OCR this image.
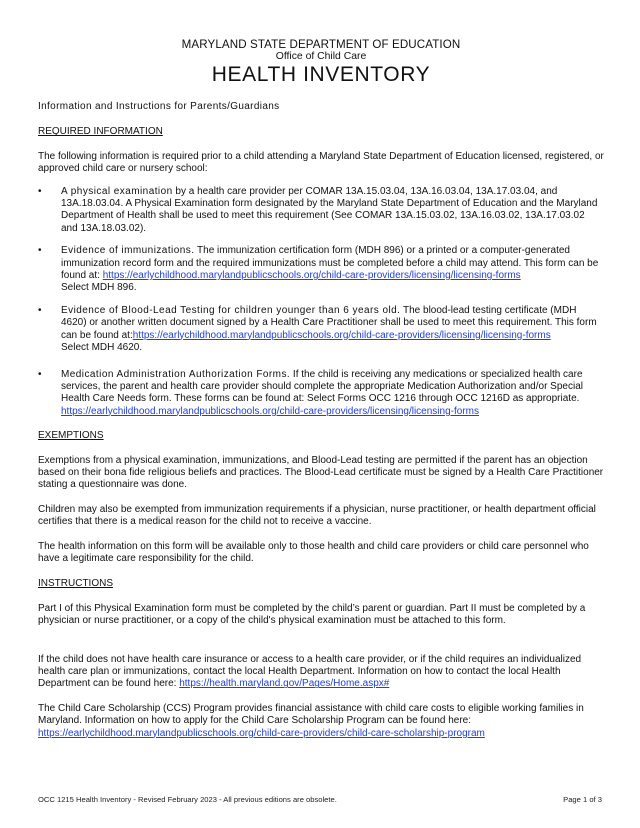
MARYLAND STATE DEPARTMENT OF EDUCATION
Office of Child Care
HEALTH INVENTORY
Information and Instructions for Parents/Guardians
REQUIRED INFORMATION

The following information is required prior to a child attending a Maryland State Department of Education licensed, registered, or approved child care or nursery school:

• A physical examination by a health care provider per COMAR 13A.15.03.04, 13A.16.03.04, 13A.17.03.04, and 13A.18.03.04. A Physical Examination form designated by the Maryland State Department of Education and the Maryland Department of Health shall be used to meet this requirement (See COMAR 13A.15.03.02, 13A.16.03.02, 13A.17.03.02 and 13A.18.03.02).
• Evidence of immunizations. The immunization certification form (MDH 896) or a printed or a computer-generated immunization record form and the required immunizations must be completed before a child may attend. This form can be found at: https://earlychildhood.marylandpublicschools.org/child-care-providers/licensing/licensing-forms
Select MDH 896.
• Evidence of Blood-Lead Testing for children younger than 6 years old. The blood-lead testing certificate (MDH 4620) or another written document signed by a Health Care Practitioner shall be used to meet this requirement. This form can be found at:https://earlychildhood.marylandpublicschools.org/child-care-providers/licensing/licensing-forms
Select MDH 4620.
• Medication Administration Authorization Forms. If the child is receiving any medications or specialized health care services, the parent and health care provider should complete the appropriate Medication Authorization and/or Special Health Care Needs form. These forms can be found at: Select Forms OCC 1216 through OCC 1216D as appropriate. https://earlychildhood.marylandpublicschools.org/child-care-providers/licensing/licensing-forms
EXEMPTIONS

Exemptions from a physical examination, immunizations, and Blood-Lead testing are permitted if the parent has an objection based on their bona fide religious beliefs and practices. The Blood-Lead certificate must be signed by a Health Care Practitioner stating a questionnaire was done.

Children may also be exempted from immunization requirements if a physician, nurse practitioner, or health department official certifies that there is a medical reason for the child not to receive a vaccine.

The health information on this form will be available only to those health and child care providers or child care personnel who have a legitimate care responsibility for the child.

INSTRUCTIONS

Part I of this Physical Examination form must be completed by the child’s parent or guardian. Part II must be completed by a physician or nurse practitioner, or a copy of the child's physical examination must be attached to this form.

If the child does not have health care insurance or access to a health care provider, or if the child requires an individualized health care plan or immunizations, contact the local Health Department. Information on how to contact the local Health Department can be found here: https://health.maryland.gov/Pages/Home.aspx#

The Child Care Scholarship (CCS) Program provides financial assistance with child care costs to eligible working families in Maryland. Information on how to apply for the Child Care Scholarship Program can be found here:
https://earlychildhood.marylandpublicschools.org/child-care-providers/child-care-scholarship-program

OCC 1215 Health Inventory - Revised February 2023 - All previous editions are obsolete.	Page 1 of 3
